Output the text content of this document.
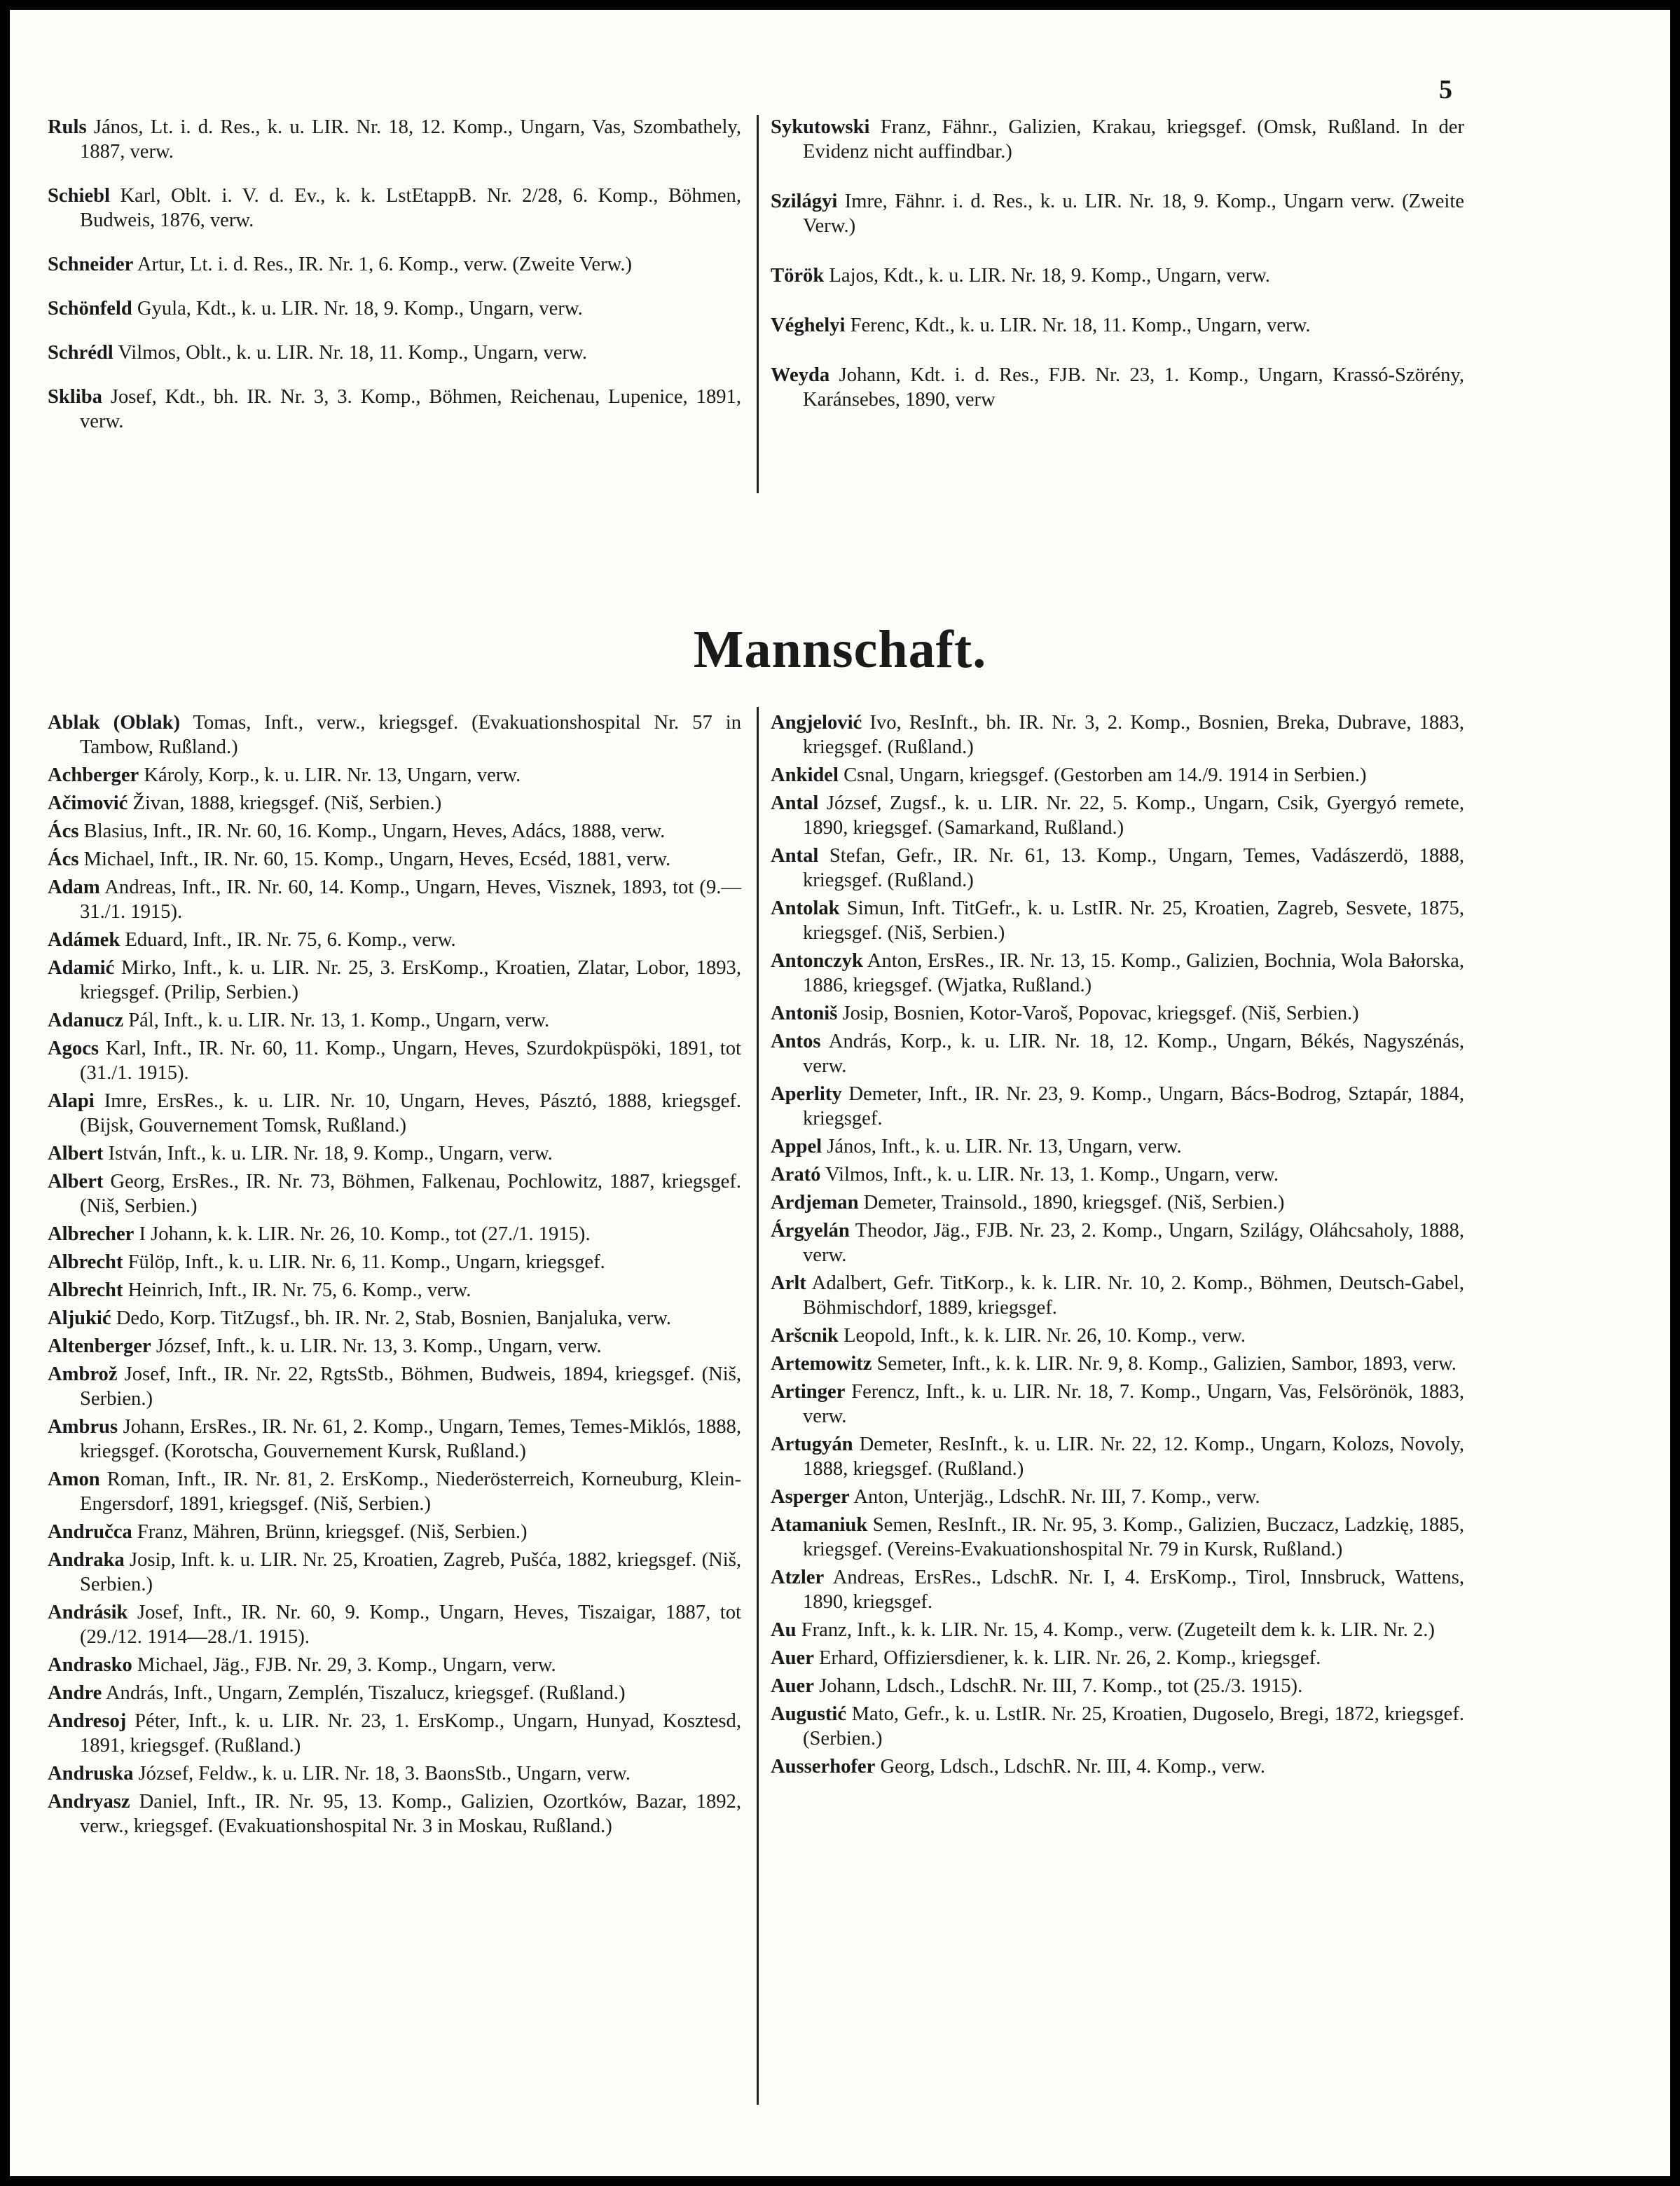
5

Ruls János, Lt. i. d. Res., k. u. LIR. Nr. 18, 12. Komp., Ungarn, Vas, Szombathely, 1887, verw.

Schiebl Karl, Oblt. i. V. d. Ev., k. k. LstEtappB. Nr. 2/28, 6. Komp., Böhmen, Budweis, 1876, verw.

Schneider Artur, Lt. i. d. Res., IR. Nr. 1, 6. Komp., verw. (Zweite Verw.)

Schönfeld Gyula, Kdt., k. u. LIR. Nr. 18, 9. Komp., Ungarn, verw.

Schrédl Vilmos, Oblt., k. u. LIR. Nr. 18, 11. Komp., Ungarn, verw.

Skliba Josef, Kdt., bh. IR. Nr. 3, 3. Komp., Böhmen, Reichenau, Lupenice, 1891, verw.

Sykutowski Franz, Fähnr., Galizien, Krakau, kriegsgef. (Omsk, Rußland. In der Evidenz nicht auffindbar.)

Szilágyi Imre, Fähnr. i. d. Res., k. u. LIR. Nr. 18, 9. Komp., Ungarn verw. (Zweite Verw.)

Török Lajos, Kdt., k. u. LIR. Nr. 18, 9. Komp., Ungarn, verw.

Véghelyi Ferenc, Kdt., k. u. LIR. Nr. 18, 11. Komp., Ungarn, verw.

Weyda Johann, Kdt. i. d. Res., FJB. Nr. 23, 1. Komp., Ungarn, Krassó-Szörény, Karánsebes, 1890, verw

Mannschaft.

Ablak (Oblak) Tomas, Inft., verw., kriegsgef. (Evakuationshospital Nr. 57 in Tambow, Rußland.)

Achberger Károly, Korp., k. u. LIR. Nr. 13, Ungarn, verw.

Ačimović Živan, 1888, kriegsgef. (Niš, Serbien.)

Ács Blasius, Inft., IR. Nr. 60, 16. Komp., Ungarn, Heves, Adács, 1888, verw.

Ács Michael, Inft., IR. Nr. 60, 15. Komp., Ungarn, Heves, Ecséd, 1881, verw.

Adam Andreas, Inft., IR. Nr. 60, 14. Komp., Ungarn, Heves, Visznek, 1893, tot (9.—31./1. 1915).

Adámek Eduard, Inft., IR. Nr. 75, 6. Komp., verw.

Adamić Mirko, Inft., k. u. LIR. Nr. 25, 3. ErsKomp., Kroatien, Zlatar, Lobor, 1893, kriegsgef. (Prilip, Serbien.)

Adanucz Pál, Inft., k. u. LIR. Nr. 13, 1. Komp., Ungarn, verw.

Agocs Karl, Inft., IR. Nr. 60, 11. Komp., Ungarn, Heves, Szurdokpüspöki, 1891, tot (31./1. 1915).

Alapi Imre, ErsRes., k. u. LIR. Nr. 10, Ungarn, Heves, Pásztó, 1888, kriegsgef. (Bijsk, Gouvernement Tomsk, Rußland.)

Albert István, Inft., k. u. LIR. Nr. 18, 9. Komp., Ungarn, verw.

Albert Georg, ErsRes., IR. Nr. 73, Böhmen, Falkenau, Pochlowitz, 1887, kriegsgef. (Niš, Serbien.)

Albrecher I Johann, k. k. LIR. Nr. 26, 10. Komp., tot (27./1. 1915).

Albrecht Fülöp, Inft., k. u. LIR. Nr. 6, 11. Komp., Ungarn, kriegsgef.

Albrecht Heinrich, Inft., IR. Nr. 75, 6. Komp., verw.

Aljukić Dedo, Korp. TitZugsf., bh. IR. Nr. 2, Stab, Bosnien, Banjaluka, verw.

Altenberger József, Inft., k. u. LIR. Nr. 13, 3. Komp., Ungarn, verw.

Ambrož Josef, Inft., IR. Nr. 22, RgtsStb., Böhmen, Budweis, 1894, kriegsgef. (Niš, Serbien.)

Ambrus Johann, ErsRes., IR. Nr. 61, 2. Komp., Ungarn, Temes, Temes-Miklós, 1888, kriegsgef. (Korotscha, Gouvernement Kursk, Rußland.)

Amon Roman, Inft., IR. Nr. 81, 2. ErsKomp., Niederösterreich, Korneuburg, Klein-Engersdorf, 1891, kriegsgef. (Niš, Serbien.)

Andručca Franz, Mähren, Brünn, kriegsgef. (Niš, Serbien.)

Andraka Josip, Inft. k. u. LIR. Nr. 25, Kroatien, Zagreb, Pušća, 1882, kriegsgef. (Niš, Serbien.)

Andrásik Josef, Inft., IR. Nr. 60, 9. Komp., Ungarn, Heves, Tiszaigar, 1887, tot (29./12. 1914—28./1. 1915).

Andrasko Michael, Jäg., FJB. Nr. 29, 3. Komp., Ungarn, verw.

Andre András, Inft., Ungarn, Zemplén, Tiszalucz, kriegsgef. (Rußland.)

Andresoj Péter, Inft., k. u. LIR. Nr. 23, 1. ErsKomp., Ungarn, Hunyad, Kosztesd, 1891, kriegsgef. (Rußland.)

Andruska József, Feldw., k. u. LIR. Nr. 18, 3. BaonsStb., Ungarn, verw.

Andryasz Daniel, Inft., IR. Nr. 95, 13. Komp., Galizien, Ozortków, Bazar, 1892, verw., kriegsgef. (Evakuationshospital Nr. 3 in Moskau, Rußland.)

Angjelović Ivo, ResInft., bh. IR. Nr. 3, 2. Komp., Bosnien, Breka, Dubrave, 1883, kriegsgef. (Rußland.)

Ankidel Csnal, Ungarn, kriegsgef. (Gestorben am 14./9. 1914 in Serbien.)

Antal József, Zugsf., k. u. LIR. Nr. 22, 5. Komp., Ungarn, Csik, Gyergyó remete, 1890, kriegsgef. (Samarkand, Rußland.)

Antal Stefan, Gefr., IR. Nr. 61, 13. Komp., Ungarn, Temes, Vadászerdö, 1888, kriegsgef. (Rußland.)

Antolak Simun, Inft. TitGefr., k. u. LstIR. Nr. 25, Kroatien, Zagreb, Sesvete, 1875, kriegsgef. (Niš, Serbien.)

Antonczyk Anton, ErsRes., IR. Nr. 13, 15. Komp., Galizien, Bochnia, Wola Bałorska, 1886, kriegsgef. (Wjatka, Rußland.)

Antoniš Josip, Bosnien, Kotor-Varoš, Popovac, kriegsgef. (Niš, Serbien.)

Antos András, Korp., k. u. LIR. Nr. 18, 12. Komp., Ungarn, Békés, Nagyszénás, verw.

Aperlity Demeter, Inft., IR. Nr. 23, 9. Komp., Ungarn, Bács-Bodrog, Sztapár, 1884, kriegsgef.

Appel János, Inft., k. u. LIR. Nr. 13, Ungarn, verw.

Arató Vilmos, Inft., k. u. LIR. Nr. 13, 1. Komp., Ungarn, verw.

Ardjeman Demeter, Trainsold., 1890, kriegsgef. (Niš, Serbien.)

Árgyelán Theodor, Jäg., FJB. Nr. 23, 2. Komp., Ungarn, Szilágy, Oláhcsaholy, 1888, verw.

Arlt Adalbert, Gefr. TitKorp., k. k. LIR. Nr. 10, 2. Komp., Böhmen, Deutsch-Gabel, Böhmischdorf, 1889, kriegsgef.

Aršcnik Leopold, Inft., k. k. LIR. Nr. 26, 10. Komp., verw.

Artemowitz Semeter, Inft., k. k. LIR. Nr. 9, 8. Komp., Galizien, Sambor, 1893, verw.

Artinger Ferencz, Inft., k. u. LIR. Nr. 18, 7. Komp., Ungarn, Vas, Felsörönök, 1883, verw.

Artugyán Demeter, ResInft., k. u. LIR. Nr. 22, 12. Komp., Ungarn, Kolozs, Novoly, 1888, kriegsgef. (Rußland.)

Asperger Anton, Unterjäg., LdschR. Nr. III, 7. Komp., verw.

Atamaniuk Semen, ResInft., IR. Nr. 95, 3. Komp., Galizien, Buczacz, Ladzkię, 1885, kriegsgef. (Vereins-Evakuationshospital Nr. 79 in Kursk, Rußland.)

Atzler Andreas, ErsRes., LdschR. Nr. I, 4. ErsKomp., Tirol, Innsbruck, Wattens, 1890, kriegsgef.

Au Franz, Inft., k. k. LIR. Nr. 15, 4. Komp., verw. (Zugeteilt dem k. k. LIR. Nr. 2.)

Auer Erhard, Offiziersdiener, k. k. LIR. Nr. 26, 2. Komp., kriegsgef.

Auer Johann, Ldsch., LdschR. Nr. III, 7. Komp., tot (25./3. 1915).

Augustić Mato, Gefr., k. u. LstIR. Nr. 25, Kroatien, Dugoselo, Bregi, 1872, kriegsgef. (Serbien.)

Ausserhofer Georg, Ldsch., LdschR. Nr. III, 4. Komp., verw.
